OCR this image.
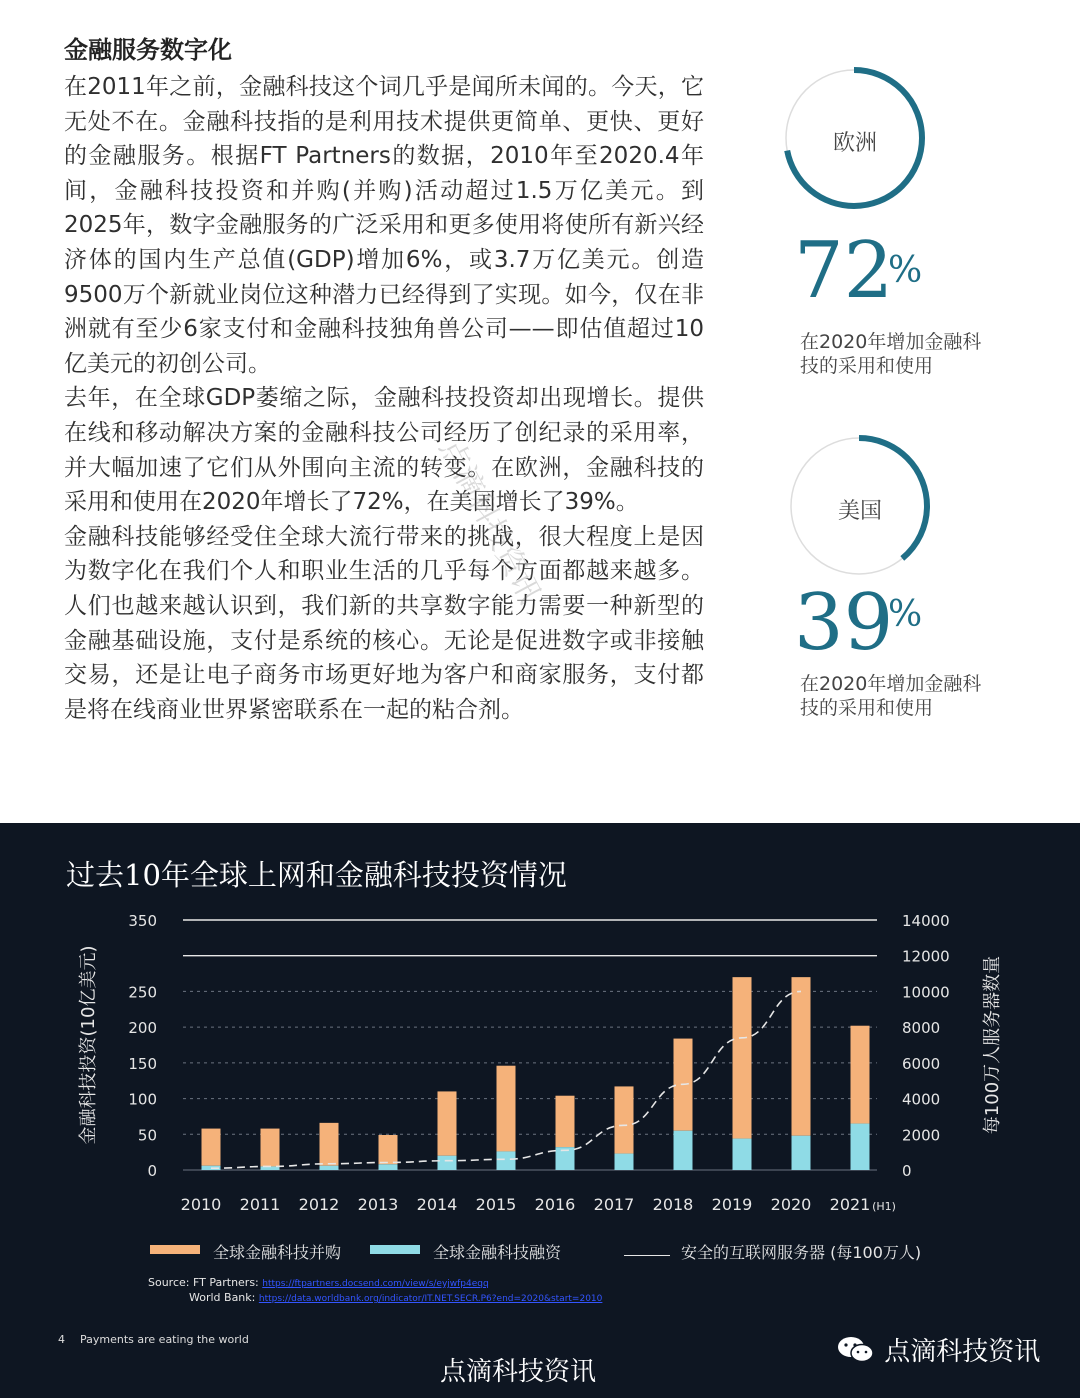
金融服务数字化

在2011年之前，金融科技这个词几乎是闻所未闻的。今天，它无处不在。金融科技指的是利用技术提供更简单、更快、更好的金融服务。根据FT Partners的数据，2010年至2020.4年间，金融科技投资和并购(并购)活动超过1.5万亿美元。到2025年，数字金融服务的广泛采用和更多使用将使所有新兴经济体的国内生产总值(GDP)增加6%，或3.7万亿美元。创造9500万个新就业岗位这种潜力已经得到了实现。如今，仅在非洲就有至少6家支付和金融科技独角兽公司——即估值超过10亿美元的初创公司。

去年，在全球GDP萎缩之际，金融科技投资却出现增长。提供在线和移动解决方案的金融科技公司经历了创纪录的采用率，并大幅加速了它们从外围向主流的转变。在欧洲，金融科技的采用和使用在2020年增长了72%，在美国增长了39%。

金融科技能够经受住全球大流行带来的挑战，很大程度上是因为数字化在我们个人和职业生活的几乎每个方面都越来越多。人们也越来越认识到，我们新的共享数字能力需要一种新型的金融基础设施，支付是系统的核心。无论是促进数字或非接触交易，还是让电子商务市场更好地为客户和商家服务，支付都是将在线商业世界紧密联系在一起的粘合剂。

点滴科技资讯
欧洲
72
%
在2020年增加金融科技的采用和使用
美国
39
%
在2020年增加金融科技的采用和使用
过去10年全球上网和金融科技投资情况
0
50
100
150
200
250
350
0
2000
4000
6000
8000
10000
12000
14000
金融科技投资(10亿美元)	每100万人服务器数量
2010 2011 2012 2013 2014 2015 2016 2017 2018 2019 2020 2021 (H1)
全球金融科技并购	全球金融科技融资	安全的互联网服务器 (每100万人)
Source: FT Partners: https://ftpartners.docsend.com/view/s/eyjwfp4eqq
World Bank: https://data.worldbank.org/indicator/IT.NET.SECR.P6?end=2020&start=2010
4 Payments are eating the world	点滴科技资讯
点滴科技资讯
